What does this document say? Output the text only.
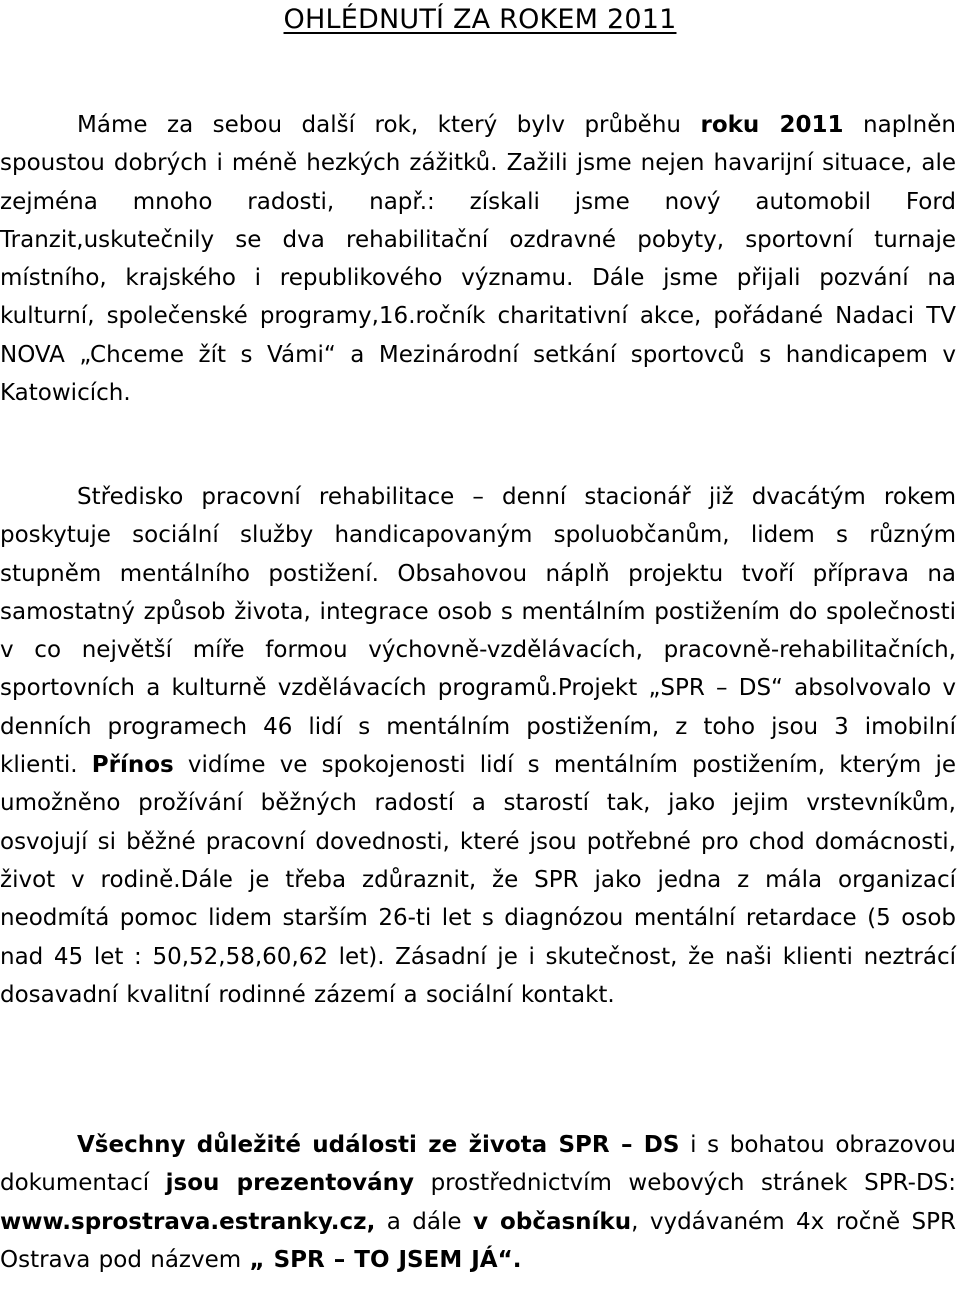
OHLÉDNUTÍ ZA ROKEM 2011

Máme za sebou další rok, který bylv průběhu roku 2011 naplněn spoustou dobrých i méně hezkých zážitků. Zažili jsme nejen havarijní situace, ale zejména mnoho radosti, např.: získali jsme nový automobil Ford Tranzit,uskutečnily se dva rehabilitační ozdravné pobyty, sportovní turnaje místního, krajského i republikového významu. Dále jsme přijali pozvání na kulturní, společenské programy,16.ročník charitativní akce, pořádané Nadaci TV NOVA „Chceme žít s Vámi“ a Mezinárodní setkání sportovců s handicapem v Katowicích.

Středisko pracovní rehabilitace – denní stacionář již dvacátým rokem poskytuje sociální služby handicapovaným spoluobčanům, lidem s různým stupněm mentálního postižení. Obsahovou náplň projektu tvoří příprava na samostatný způsob života, integrace osob s mentálním postižením do společnosti v co největší míře formou výchovně-vzdělávacích, pracovně-rehabilitačních, sportovních a kulturně vzdělávacích programů.Projekt „SPR – DS“ absolvovalo v denních programech 46 lidí s mentálním postižením, z toho jsou 3 imobilní klienti. Přínos vidíme ve spokojenosti lidí s mentálním postižením, kterým je umožněno prožívání běžných radostí a starostí tak, jako jejim vrstevníkům, osvojují si běžné pracovní dovednosti, které jsou potřebné pro chod domácnosti, život v rodině.Dále je třeba zdůraznit, že SPR jako jedna z mála organizací neodmítá pomoc lidem starším 26-ti let s diagnózou mentální retardace (5 osob nad 45 let : 50,52,58,60,62 let). Zásadní je i skutečnost, že naši klienti neztrácí dosavadní kvalitní rodinné zázemí a sociální kontakt.

Všechny důležité události ze života SPR – DS i s bohatou obrazovou dokumentací jsou prezentovány prostřednictvím webových stránek SPR-DS: www.sprostrava.estranky.cz, a dále v občasníku, vydávaném 4x ročně SPR Ostrava pod názvem „ SPR – TO JSEM JÁ“.
